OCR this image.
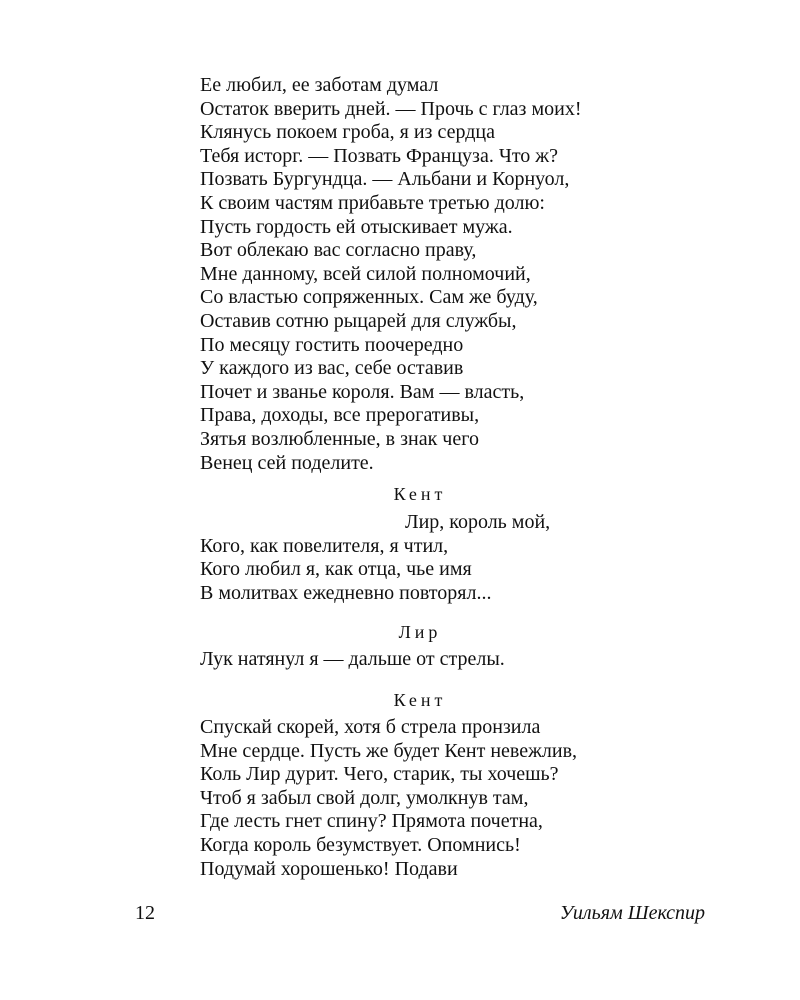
Ее любил, ее заботам думал
Остаток вверить дней. — Прочь с глаз моих!
Клянусь покоем гроба, я из сердца
Тебя исторг. — Позвать Француза. Что ж?
Позвать Бургундца. — Альбани и Корнуол,
К своим частям прибавьте третью долю:
Пусть гордость ей отыскивает мужа.
Вот облекаю вас согласно праву,
Мне данному, всей силой полномочий,
Со властью сопряженных. Сам же буду,
Оставив сотню рыцарей для службы,
По месяцу гостить поочередно
У каждого из вас, себе оставив
Почет и званье короля. Вам — власть,
Права, доходы, все прерогативы,
Зятья возлюбленные, в знак чего
Венец сей поделите.
Кент
Лир, король мой,
Кого, как повелителя, я чтил,
Кого любил я, как отца, чье имя
В молитвах ежедневно повторял...
Лир
Лук натянул я — дальше от стрелы.
Кент
Спускай скорей, хотя б стрела пронзила
Мне сердце. Пусть же будет Кент невежлив,
Коль Лир дурит. Чего, старик, ты хочешь?
Чтоб я забыл свой долг, умолкнув там,
Где лесть гнет спину? Прямота почетна,
Когда король безумствует. Опомнись!
Подумай хорошенько! Подави
12	Уильям Шекспир
